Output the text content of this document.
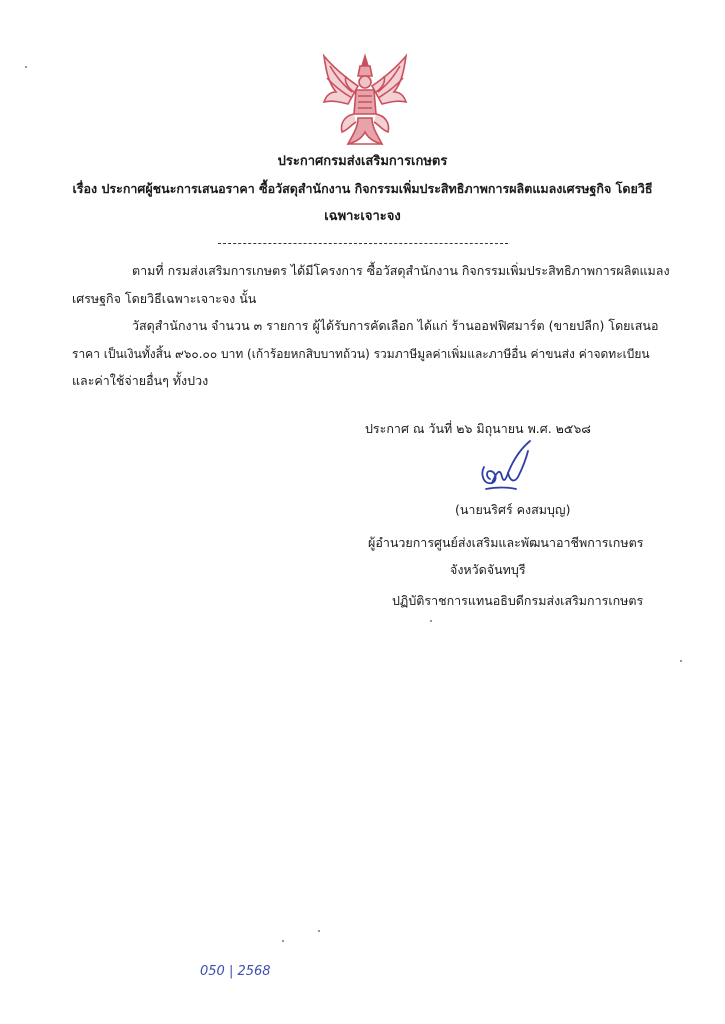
ประกาศกรมส่งเสริมการเกษตร
เรื่อง ประกาศผู้ชนะการเสนอราคา ซื้อวัสดุสำนักงาน กิจกรรมเพิ่มประสิทธิภาพการผลิตแมลงเศรษฐกิจ โดยวิธี
เฉพาะเจาะจง
ตามที่ กรมส่งเสริมการเกษตร ได้มีโครงการ ซื้อวัสดุสำนักงาน กิจกรรมเพิ่มประสิทธิภาพการผลิตแมลง
เศรษฐกิจ โดยวิธีเฉพาะเจาะจง นั้น
วัสดุสำนักงาน จำนวน ๓ รายการ ผู้ได้รับการคัดเลือก ได้แก่ ร้านออฟฟิศมาร์ต (ขายปลีก) โดยเสนอ
ราคา เป็นเงินทั้งสิ้น ๙๖๐.๐๐ บาท (เก้าร้อยหกสิบบาทถ้วน) รวมภาษีมูลค่าเพิ่มและภาษีอื่น ค่าขนส่ง ค่าจดทะเบียน
และค่าใช้จ่ายอื่นๆ ทั้งปวง
ประกาศ ณ วันที่ ๒๖ มิถุนายน พ.ศ. ๒๕๖๘
(นายนริศร์ คงสมบุญ)
ผู้อำนวยการศูนย์ส่งเสริมและพัฒนาอาชีพการเกษตร
จังหวัดจันทบุรี
ปฏิบัติราชการแทนอธิบดีกรมส่งเสริมการเกษตร
050 | 2568
